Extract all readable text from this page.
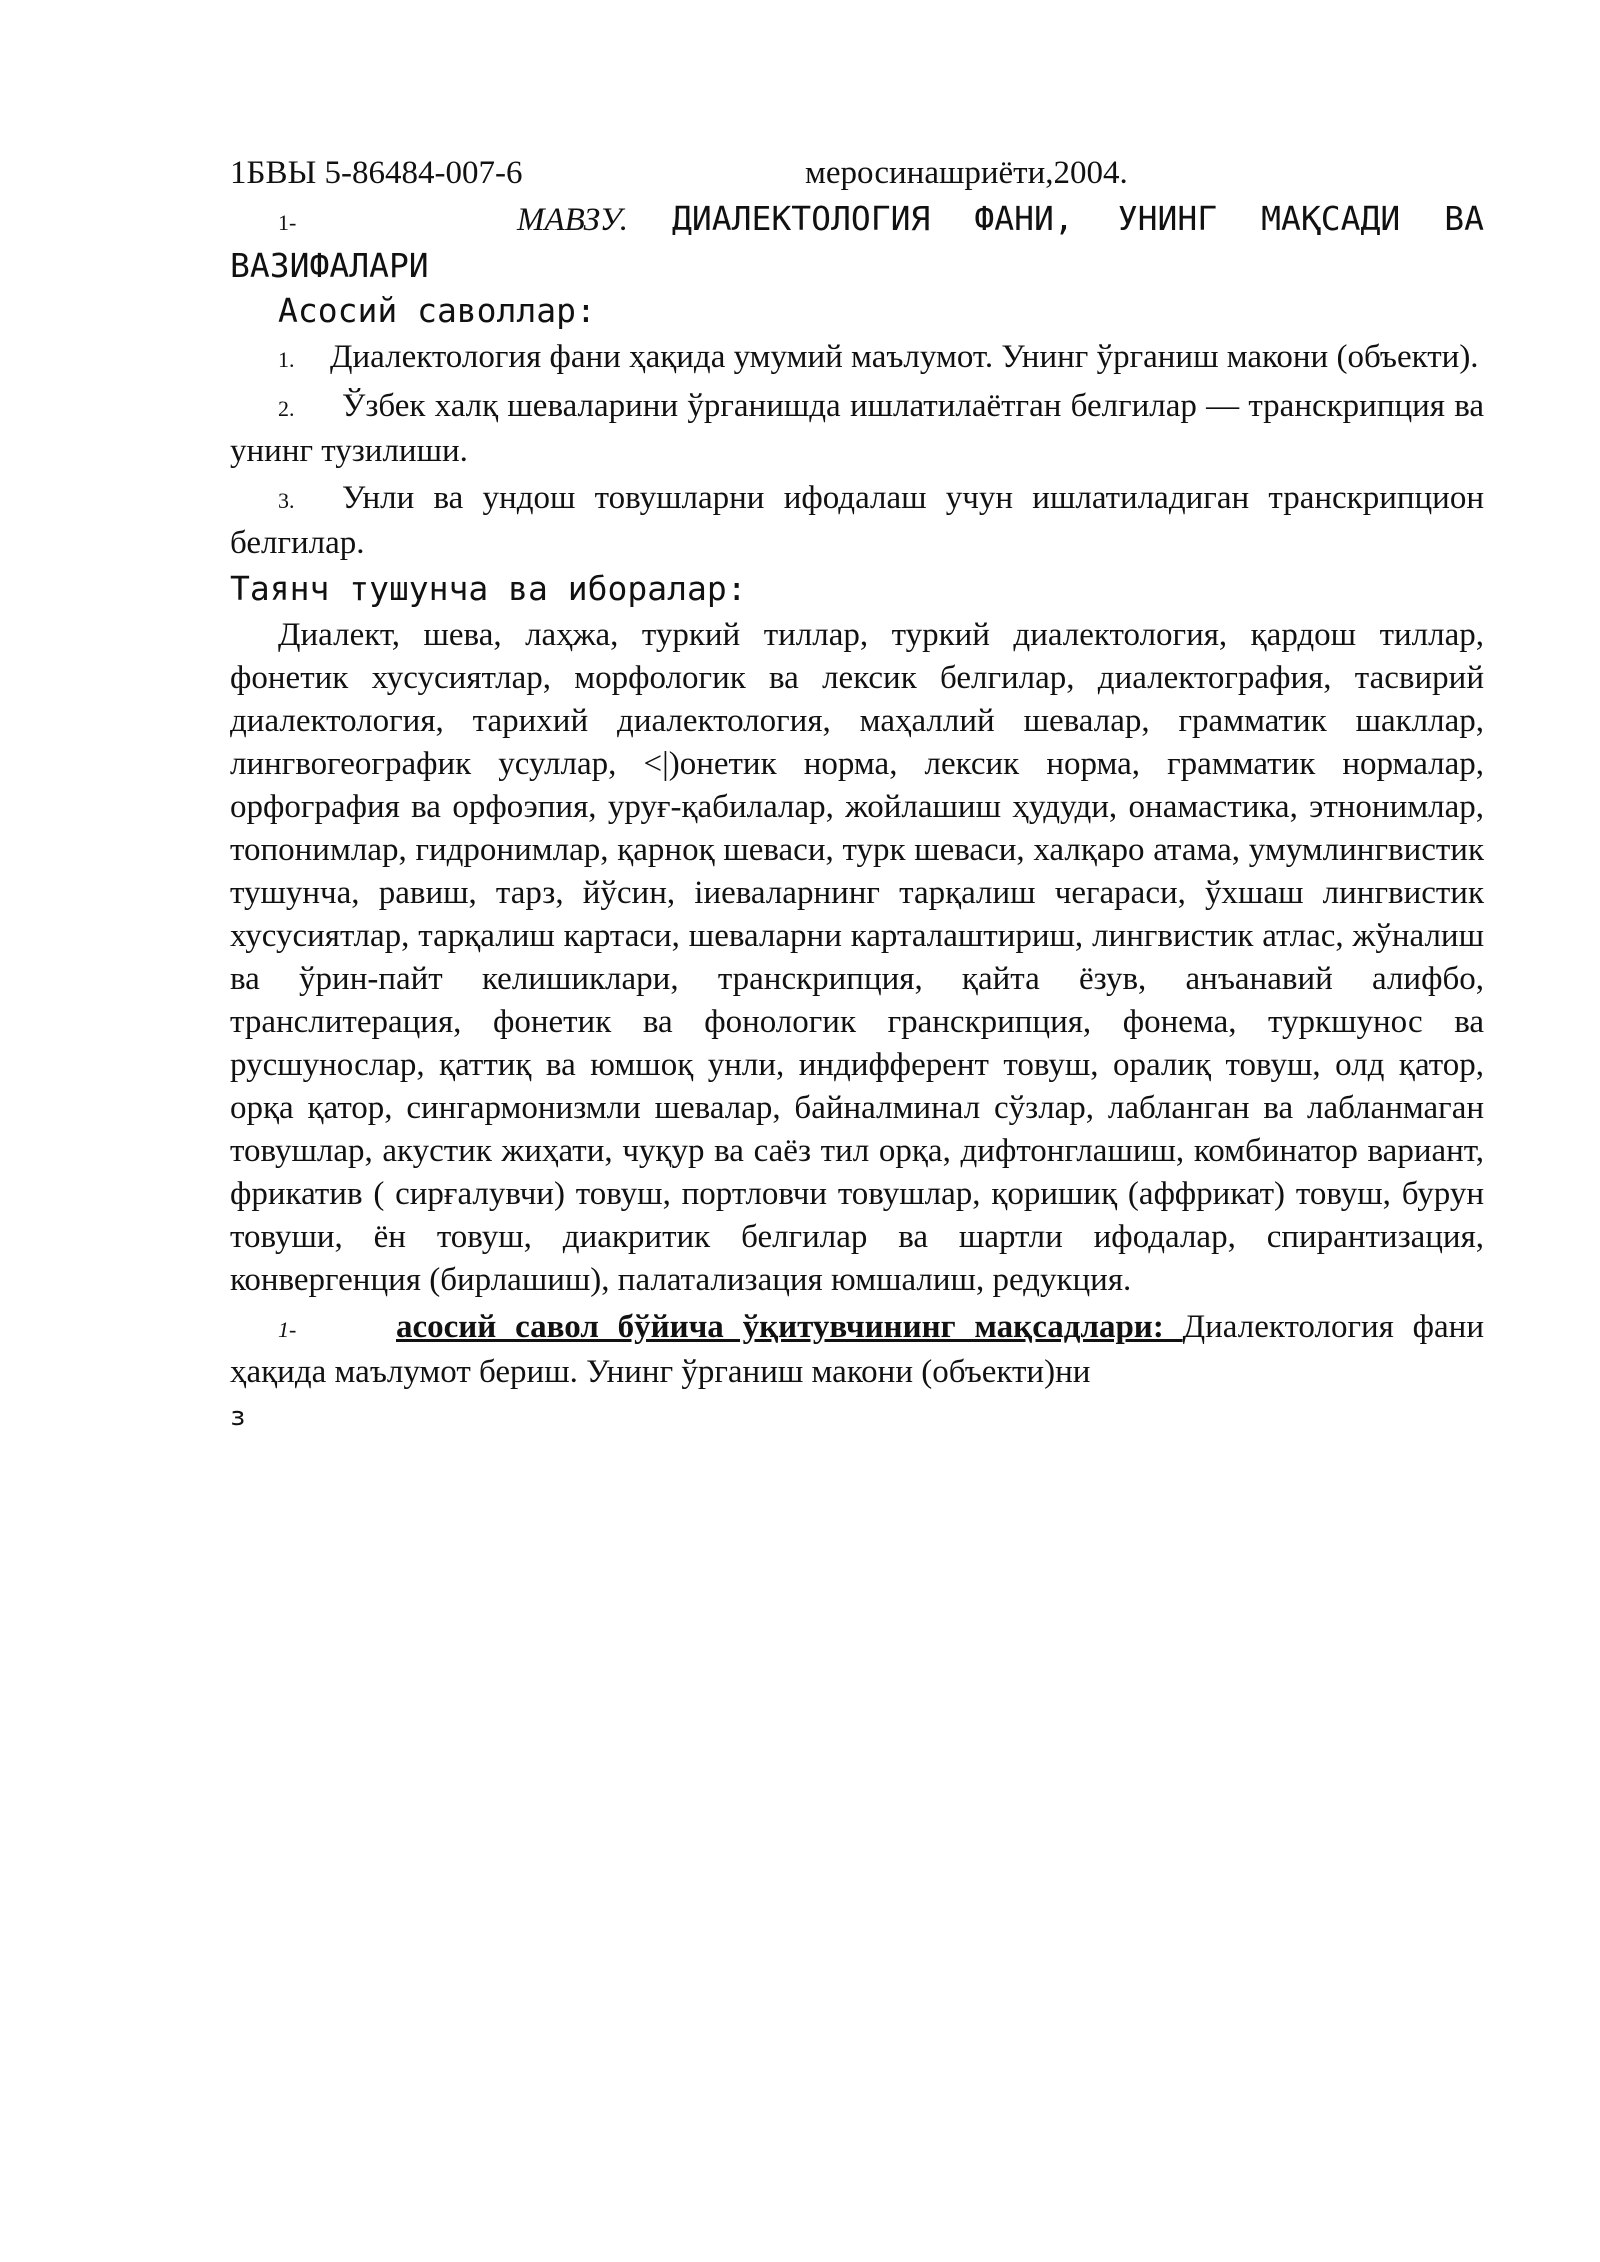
1БВЫ 5-86484-007-6	меросинашриёти,2004.
1-	МАВЗУ. ДИАЛЕКТОЛОГИЯ ФАНИ, УНИНГ МАҚСАДИ ВА ВАЗИФАЛАРИ
Асосий саволлар:
1. Диалектология фани ҳақида умумий маълумот. Унинг ўрганиш макони (объекти).
2. Ўзбек халқ шеваларини ўрганишда ишлатилаётган белгилар — транскрипция ва унинг тузилиши.
3. Унли ва ундош товушларни ифодалаш учун ишлатиладиган транскрипцион белгилар.
Таянч тушунча ва иборалар:
Диалект, шева, лаҳжа, туркий тиллар, туркий диалектология, қардош тиллар, фонетик хусусиятлар, морфологик ва лексик белгилар, диалектография, тасвирий диалектология, тарихий диалектология, маҳаллий шевалар, грамматик шакллар, лингвогеографик усуллар, <|)онетик норма, лексик норма, грамматик нормалар, орфография ва орфоэпия, уруғ-қабилалар, жойлашиш ҳудуди, онамастика, этнонимлар, топонимлар, гидронимлар, қарноқ шеваси, турк шеваси, халқаро атама, умумлингвистик тушунча, равиш, тарз, йўсин, іиеваларнинг тарқалиш чегараси, ўхшаш лингвистик хусусиятлар, тарқалиш картаси, шеваларни карталаштириш, лингвистик атлас, жўналиш ва ўрин-пайт келишиклари, транскрипция, қайта ёзув, анъанавий алифбо, транслитерация, фонетик ва фонологик гранскрипция, фонема, туркшунос ва русшунослар, қаттиқ ва юмшоқ унли, индифферент товуш, оралиқ товуш, олд қатор, орқа қатор, сингармонизмли шевалар, байналминал сўзлар, лабланган ва лабланмаган товушлар, акустик жиҳати, чуқур ва саёз тил орқа, дифтонглашиш, комбинатор вариант, фрикатив ( сирғалувчи) товуш, портловчи товушлар, қоришиқ (аффрикат) товуш, бурун товуши, ён товуш, диакритик белгилар ва шартли ифодалар, спирантизация, конвергенция (бирлашиш), палатализация юмшалиш, редукция.
1-	асосий савол бўйича ўқитувчининг мақсадлари: Диалектология фани ҳақида маълумот бериш. Унинг ўрганиш макони (объекти)ни
з
